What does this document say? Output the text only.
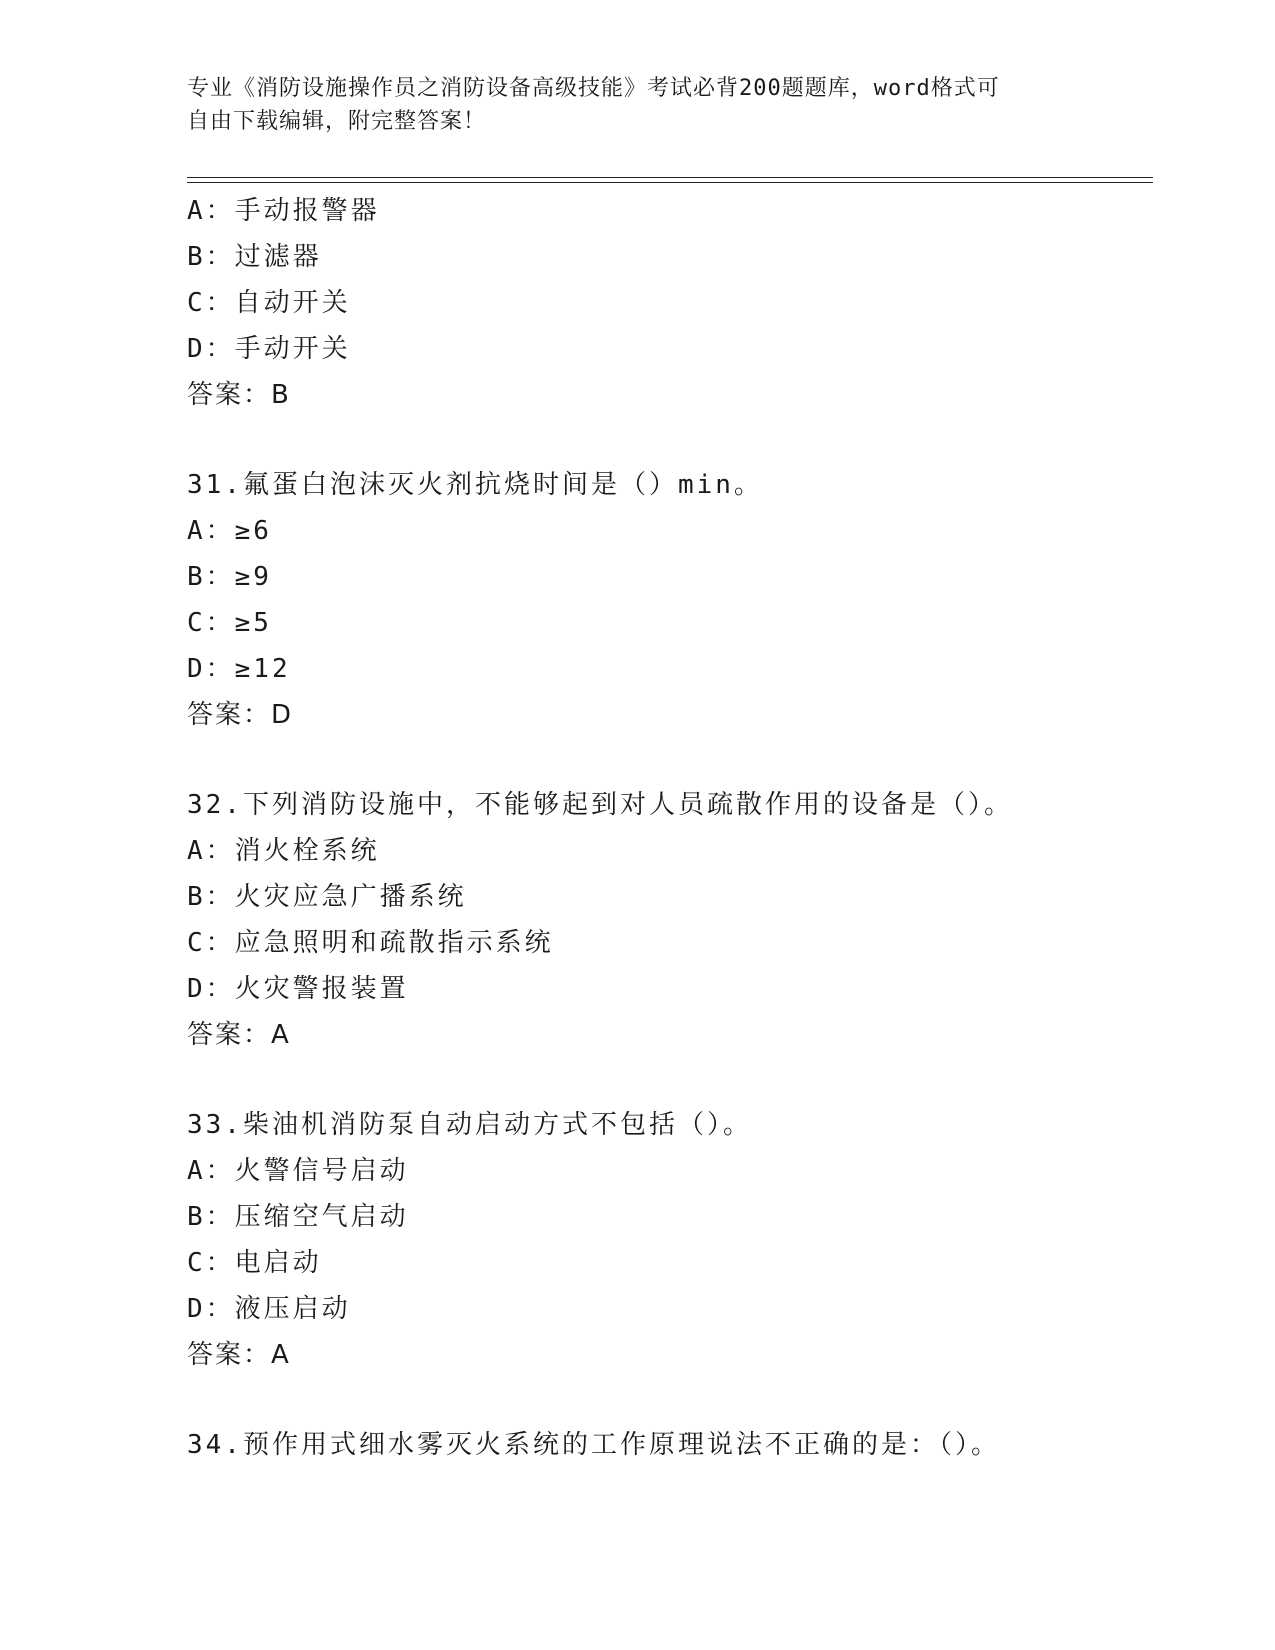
专业《消防设施操作员之消防设备高级技能》考试必背200题题库，word格式可
自由下载编辑，附完整答案！
A：手动报警器
B：过滤器
C：自动开关
D：手动开关
答案：B
31.氟蛋白泡沫灭火剂抗烧时间是（）min。
A：≥6
B：≥9
C：≥5
D：≥12
答案：D
32.下列消防设施中，不能够起到对人员疏散作用的设备是（）。
A：消火栓系统
B：火灾应急广播系统
C：应急照明和疏散指示系统
D：火灾警报装置
答案：A
33.柴油机消防泵自动启动方式不包括（）。
A：火警信号启动
B：压缩空气启动
C：电启动
D：液压启动
答案：A
34.预作用式细水雾灭火系统的工作原理说法不正确的是：（）。
